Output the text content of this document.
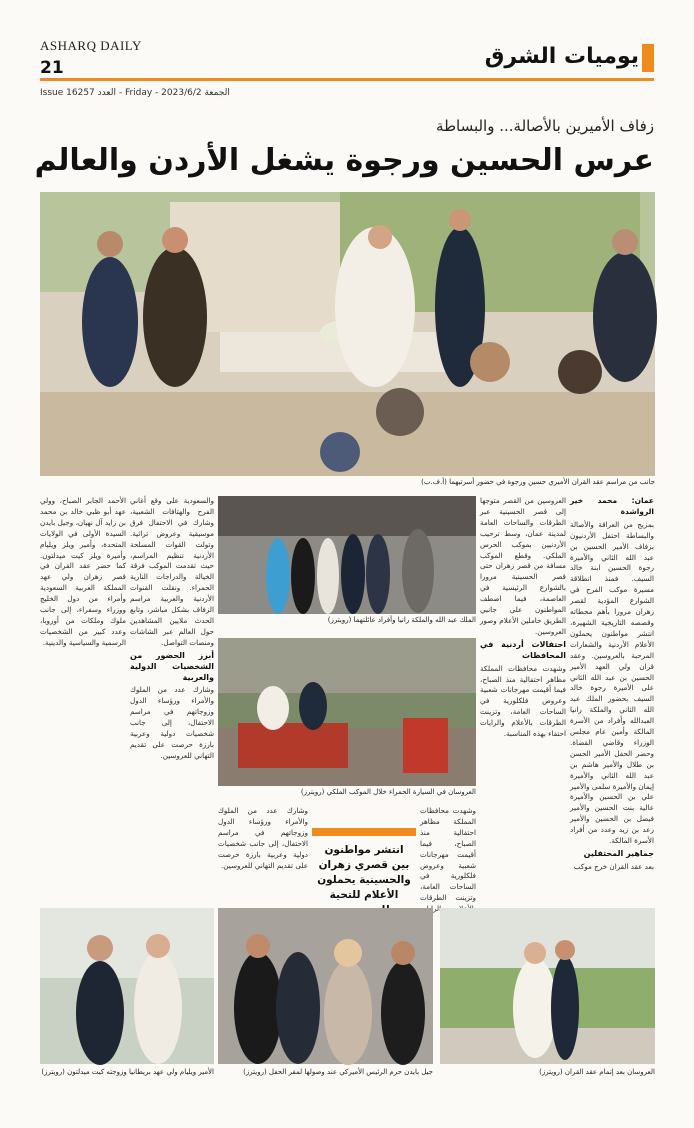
ASHARQ DAILY
21
Issue 16257 العدد - Friday - 2023/6/2 الجمعة
يوميات الشرق
زفاف الأميرين بالأصالة... والبساطة
عرس الحسين ورجوة يشغل الأردن والعالم
جانب من مراسم عقد القران الأميري حسين ورجوة في حضور أسرتيهما (أ.ف.ب)
الملك عبد الله والملكة رانيا وأفراد عائلتهما (رويترز)
العروسان في السيارة الحمراء خلال الموكب الملكي (رويترز)
عمان: محمد خير الرواشدة

بمزيج من العراقة والأصالة والبساطة احتفل الأردنيون بزفاف الأمير الحسين بن عبد الله الثاني والأميرة رجوة الحسين ابنة خالد السيف. فمنذ انطلاقة مسيرة موكب الفرح في الشوارع المؤدية لقصر زهران مرورا بأهم محطاته وقصصه التاريخية الشهيرة، انتشر مواطنون يحملون الأعلام الأردنية والشعارات المرحبة بالعروسين. وعقد قران ولي العهد الأمير الحسين بن عبد الله الثاني على الأميرة رجوة خالد السيف بحضور الملك عبد الله الثاني والملكة رانيا العبدالله وأفراد من الأسرة المالكة وأمين عام مجلس الوزراء وقاضي القضاة. وحضر الحفل الأمير الحسن بن طلال والأمير هاشم بن عبد الله الثاني والأميرة إيمان والأميرة سلمى والأمير علي بن الحسين والأميرة عالية بنت الحسين والأمير فيصل بن الحسين والأمير رعد بن زيد وعدد من أفراد الأسرة المالكة.

جماهير المحتفلين

بعد عقد القران خرج موكب

العروسين من القصر متوجها إلى قصر الحسينية عبر الطرقات والساحات العامة لمدينة عمان، وسط ترحيب الأردنيين بموكب الحرس الملكي. وقطع الموكب مسافة من قصر زهران حتى قصر الحسينية مرورا بالشوارع الرئيسية في العاصمة، فيما اصطف المواطنون على جانبي الطريق حاملين الأعلام وصور العروسين.

احتفالات أردنية في المحافظات

وشهدت محافظات المملكة مظاهر احتفالية منذ الصباح، فيما أقيمت مهرجانات شعبية وعروض فلكلورية في الساحات العامة، وتزينت الطرقات بالأعلام والرايات احتفاء بهذه المناسبة.

والسعودية على وقع أغاني الفرح والهتافات الشعبية، وشارك في الاحتفال فرق موسيقية وعروض تراثية. وتولت القوات المسلحة الأردنية تنظيم المراسم، حيث تقدمت الموكب فرقة الخيالة والدراجات النارية الحمراء. ونقلت القنوات الأردنية والعربية مراسم الزفاف بشكل مباشر، وتابع الحدث ملايين المشاهدين حول العالم عبر الشاشات ومنصات التواصل.

أبرز الحضور من الشخصيات الدولية والعربية

وشارك عدد من الملوك والأمراء ورؤساء الدول وزوجاتهم في مراسم الاحتفال، إلى جانب شخصيات دولية وعربية بارزة حرصت على تقديم التهاني للعروسين.

الأحمد الجابر الصباح، وولي عهد أبو ظبي خالد بن محمد بن زايد آل نهيان، وجيل بايدن السيدة الأولى في الولايات المتحدة، وأمير ويلز ويليام وأميرة ويلز كيت ميدلتون. كما حضر عقد القران في قصر زهران ولي عهد المملكة العربية السعودية وأمراء من دول الخليج ووزراء وسفراء، إلى جانب ملوك وملكات من أوروبا، وعدد كبير من الشخصيات الرسمية والسياسية والدينية.

انتشر مواطنون بين قصري زهران والحسينية يحملون الأعلام للتحية

وشارك عدد من الملوك والأمراء ورؤساء الدول وزوجاتهم في مراسم الاحتفال، إلى جانب شخصيات دولية وعربية بارزة حرصت على تقديم التهاني للعروسين.

وشهدت محافظات المملكة مظاهر احتفالية منذ الصباح، فيما أقيمت مهرجانات شعبية وعروض فلكلورية في الساحات العامة، وتزينت الطرقات

الأمير ويليام ولي عهد بريطانيا وزوجته كيت ميدلتون (رويترز)	جيل بايدن حرم الرئيس الأميركي عند وصولها لمقر الحفل (رويترز)	العروسان بعد إتمام عقد القران (رويترز)
